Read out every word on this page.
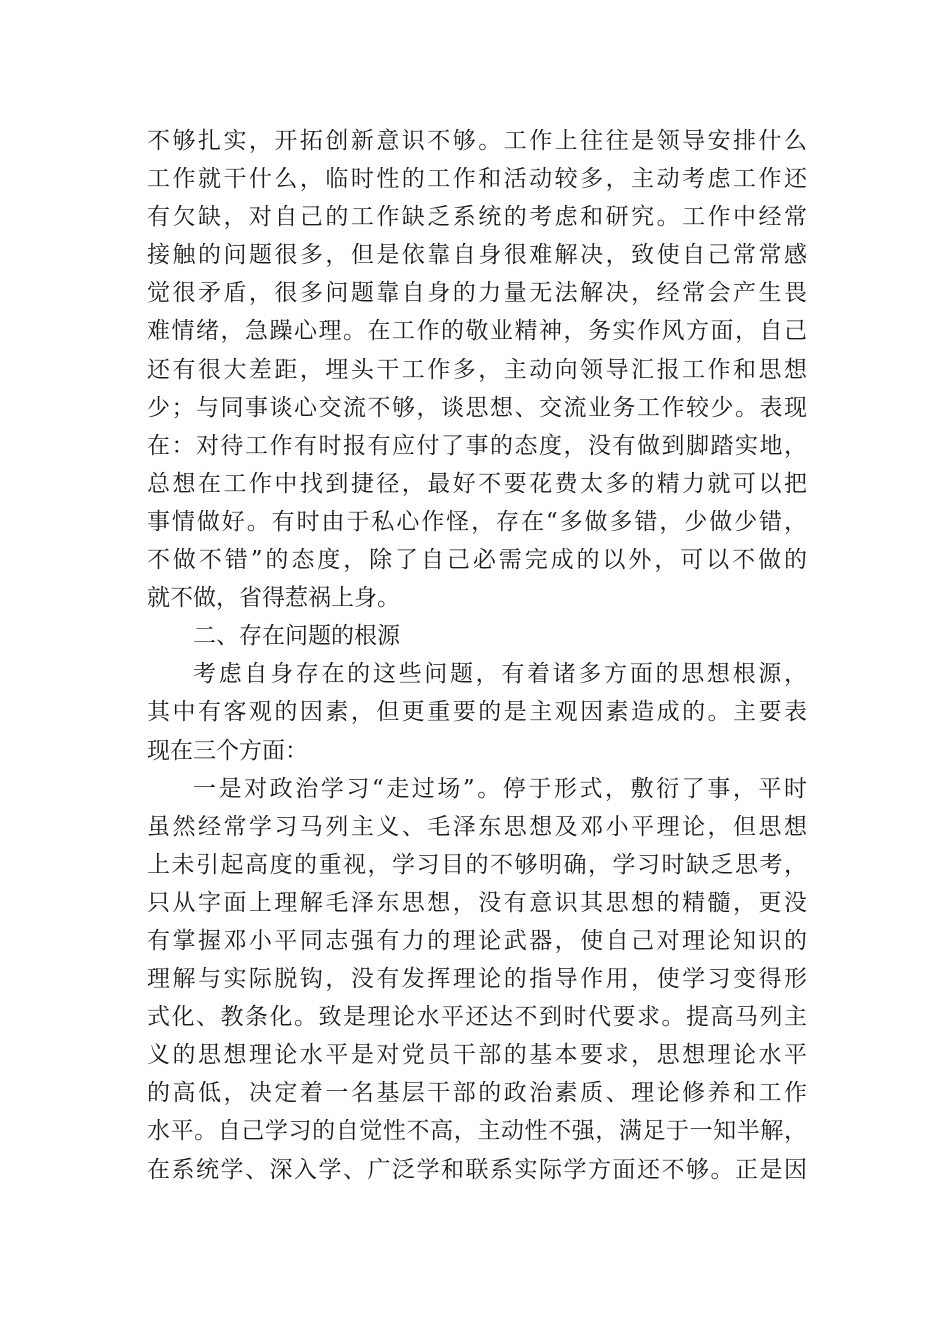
不够扎实，开拓创新意识不够。工作上往往是领导安排什么
工作就干什么，临时性的工作和活动较多，主动考虑工作还
有欠缺，对自己的工作缺乏系统的考虑和研究。工作中经常
接触的问题很多，但是依靠自身很难解决，致使自己常常感
觉很矛盾，很多问题靠自身的力量无法解决，经常会产生畏
难情绪，急躁心理。在工作的敬业精神，务实作风方面，自己
还有很大差距，埋头干工作多，主动向领导汇报工作和思想
少；与同事谈心交流不够，谈思想、交流业务工作较少。表现
在：对待工作有时报有应付了事的态度，没有做到脚踏实地，
总想在工作中找到捷径，最好不要花费太多的精力就可以把
事情做好。有时由于私心作怪，存在“多做多错，少做少错，
不做不错”的态度，除了自己必需完成的以外，可以不做的
就不做，省得惹祸上身。
二、存在问题的根源
考虑自身存在的这些问题，有着诸多方面的思想根源，
其中有客观的因素，但更重要的是主观因素造成的。主要表
现在三个方面：
一是对政治学习“走过场”。停于形式，敷衍了事，平时
虽然经常学习马列主义、毛泽东思想及邓小平理论，但思想
上未引起高度的重视，学习目的不够明确，学习时缺乏思考，
只从字面上理解毛泽东思想，没有意识其思想的精髓，更没
有掌握邓小平同志强有力的理论武器，使自己对理论知识的
理解与实际脱钩，没有发挥理论的指导作用，使学习变得形
式化、教条化。致是理论水平还达不到时代要求。提高马列主
义的思想理论水平是对党员干部的基本要求，思想理论水平
的高低，决定着一名基层干部的政治素质、理论修养和工作
水平。自己学习的自觉性不高，主动性不强，满足于一知半解，
在系统学、深入学、广泛学和联系实际学方面还不够。正是因
